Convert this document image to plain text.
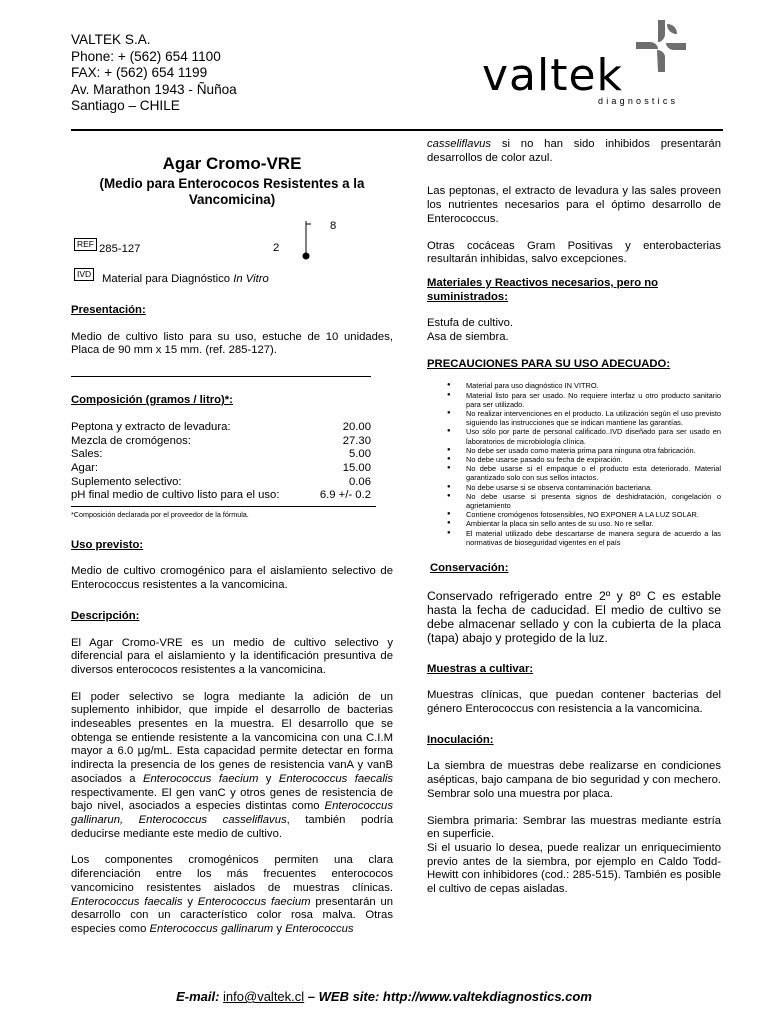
VALTEK S.A.
Phone: + (562) 654 1100
FAX: + (562) 654 1199
Av. Marathon 1943 - Ñuñoa
Santiago – CHILE
valtek
diagnostics
Agar Cromo-VRE
(Medio para Enterococos Resistentes a la Vancomicina)
REF 285-127	2
8
IVD Material para Diagnóstico In Vitro
Presentación:
Medio de cultivo listo para su uso, estuche de 10 unidades, Placa de 90 mm x 15 mm. (ref. 285-127).
Composición (gramos / litro)*:
Peptona y extracto de levadura:	20.00
Mezcla de cromógenos:	27.30
Sales:	5.00
Agar:	15.00
Suplemento selectivo:	0.06
pH final medio de cultivo listo para el uso:	6.9 +/- 0.2
*Composición declarada por el proveedor de la fórmula.
Uso previsto:
Medio de cultivo cromogénico para el aislamiento selectivo de Enterococcus resistentes a la vancomicina.
Descripción:
El Agar Cromo-VRE es un medio de cultivo selectivo y diferencial para el aislamiento y la identificación presuntiva de diversos enterococos resistentes a la vancomicina.
El poder selectivo se logra mediante la adición de un suplemento inhibidor, que impide el desarrollo de bacterias indeseables presentes en la muestra. El desarrollo que se obtenga se entiende resistente a la vancomicina con una C.I.M mayor a 6.0 µg/mL. Esta capacidad permite detectar en forma indirecta la presencia de los genes de resistencia vanA y vanB asociados a Enterococcus faecium y Enterococcus faecalis respectivamente. El gen vanC y otros genes de resistencia de bajo nivel, asociados a especies distintas como Enterococcus gallinarun, Enterococcus casseliflavus, también podría deducirse mediante este medio de cultivo.
Los componentes cromogénicos permiten una clara diferenciación entre los más frecuentes enterococos vancomicino resistentes aislados de muestras clínicas. Enterococcus faecalis y Enterococcus faecium presentarán un desarrollo con un característico color rosa malva. Otras especies como Enterococcus gallinarum y Enterococcus
casseliflavus si no han sido inhibidos presentarán desarrollos de color azul.
Las peptonas, el extracto de levadura y las sales proveen los nutrientes necesarios para el óptimo desarrollo de Enterococcus.
Otras cocáceas Gram Positivas y enterobacterias resultarán inhibidas, salvo excepciones.
Materiales y Reactivos necesarios, pero no suministrados:
Estufa de cultivo.
Asa de siembra.
PRECAUCIONES PARA SU USO ADECUADO:
● Material para uso diagnóstico IN VITRO.
● Material listo para ser usado. No requiere interfaz u otro producto sanitario para ser utilizado.
● No realizar intervenciones en el producto. La utilización según el uso previsto siguiendo las instrucciones que se indican mantiene las garantías.
● Uso sólo por parte de personal calificado..IVD diseñado para ser usado en laboratorios de microbiología clínica.
● No debe ser usado como materia prima para ninguna otra fabricación.
● No debe usarse pasado su fecha de expiración.
● No debe usarse si el empaque o el producto esta deteriorado. Material garantizado solo con sus sellos intactos.
● No debe usarse si se observa contaminación bacteriana.
● No debe usarse si presenta signos de deshidratación, congelación o agrietamiento
● Contiene cromógenos fotosensibles, NO EXPONER A LA LUZ SOLAR.
● Ambientar la placa sin sello antes de su uso. No re sellar.
● El material utilizado debe descartarse de manera segura de acuerdo a las normativas de bioseguridad vigentes en el país
Conservación:
Conservado refrigerado entre 2º y 8º C es estable hasta la fecha de caducidad. El medio de cultivo se debe almacenar sellado y con la cubierta de la placa (tapa) abajo y protegido de la luz.
Muestras a cultivar:
Muestras clínicas, que puedan contener bacterias del género Enterococcus con resistencia a la vancomicina.
Inoculación:
La siembra de muestras debe realizarse en condiciones asépticas, bajo campana de bio seguridad y con mechero. Sembrar solo una muestra por placa.
Siembra primaria: Sembrar las muestras mediante estría en superficie.
Si el usuario lo desea, puede realizar un enriquecimiento previo antes de la siembra, por ejemplo en Caldo Todd-Hewitt con inhibidores (cod.: 285-515). También es posible el cultivo de cepas aisladas.
E-mail: info@valtek.cl – WEB site: http://www.valtekdiagnostics.com
